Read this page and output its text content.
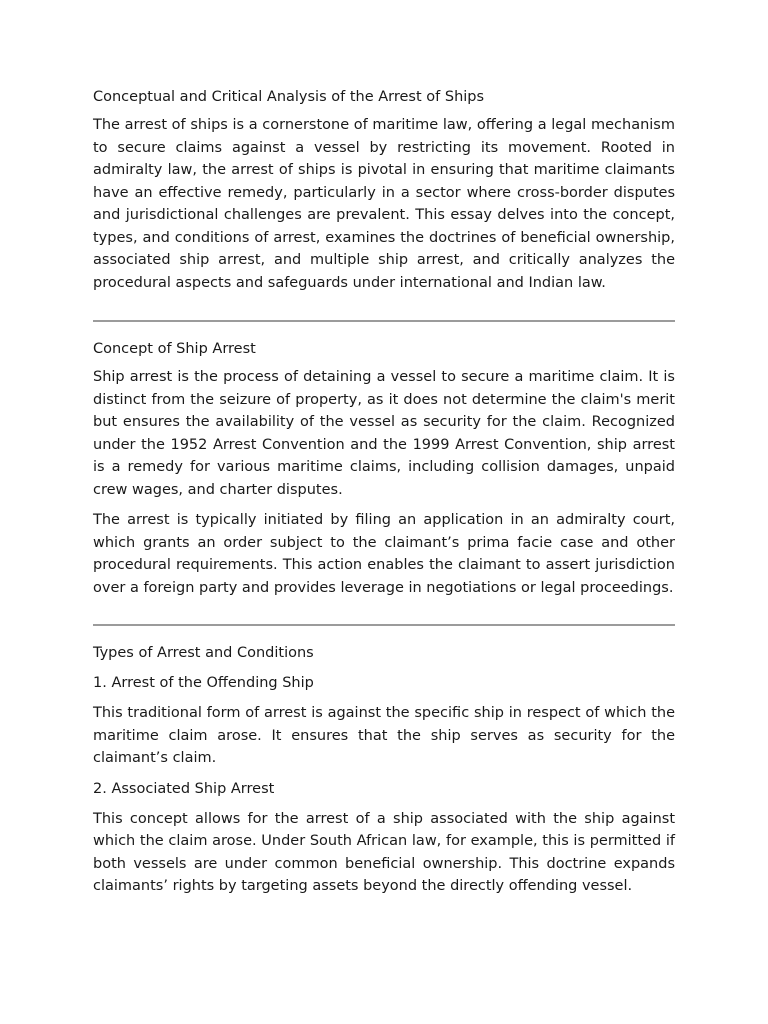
Conceptual and Critical Analysis of the Arrest of Ships

The arrest of ships is a cornerstone of maritime law, offering a legal mechanism to secure claims against a vessel by restricting its movement. Rooted in admiralty law, the arrest of ships is pivotal in ensuring that maritime claimants have an effective remedy, particularly in a sector where cross-border disputes and jurisdictional challenges are prevalent. This essay delves into the concept, types, and conditions of arrest, examines the doctrines of beneficial ownership, associated ship arrest, and multiple ship arrest, and critically analyzes the procedural aspects and safeguards under international and Indian law.

Concept of Ship Arrest

Ship arrest is the process of detaining a vessel to secure a maritime claim. It is distinct from the seizure of property, as it does not determine the claim's merit but ensures the availability of the vessel as security for the claim. Recognized under the 1952 Arrest Convention and the 1999 Arrest Convention, ship arrest is a remedy for various maritime claims, including collision damages, unpaid crew wages, and charter disputes.

The arrest is typically initiated by filing an application in an admiralty court, which grants an order subject to the claimant’s prima facie case and other procedural requirements. This action enables the claimant to assert jurisdiction over a foreign party and provides leverage in negotiations or legal proceedings.

Types of Arrest and Conditions
1. Arrest of the Offending Ship

This traditional form of arrest is against the specific ship in respect of which the maritime claim arose. It ensures that the ship serves as security for the claimant’s claim.

2. Associated Ship Arrest

This concept allows for the arrest of a ship associated with the ship against which the claim arose. Under South African law, for example, this is permitted if both vessels are under common beneficial ownership. This doctrine expands claimants’ rights by targeting assets beyond the directly offending vessel.
